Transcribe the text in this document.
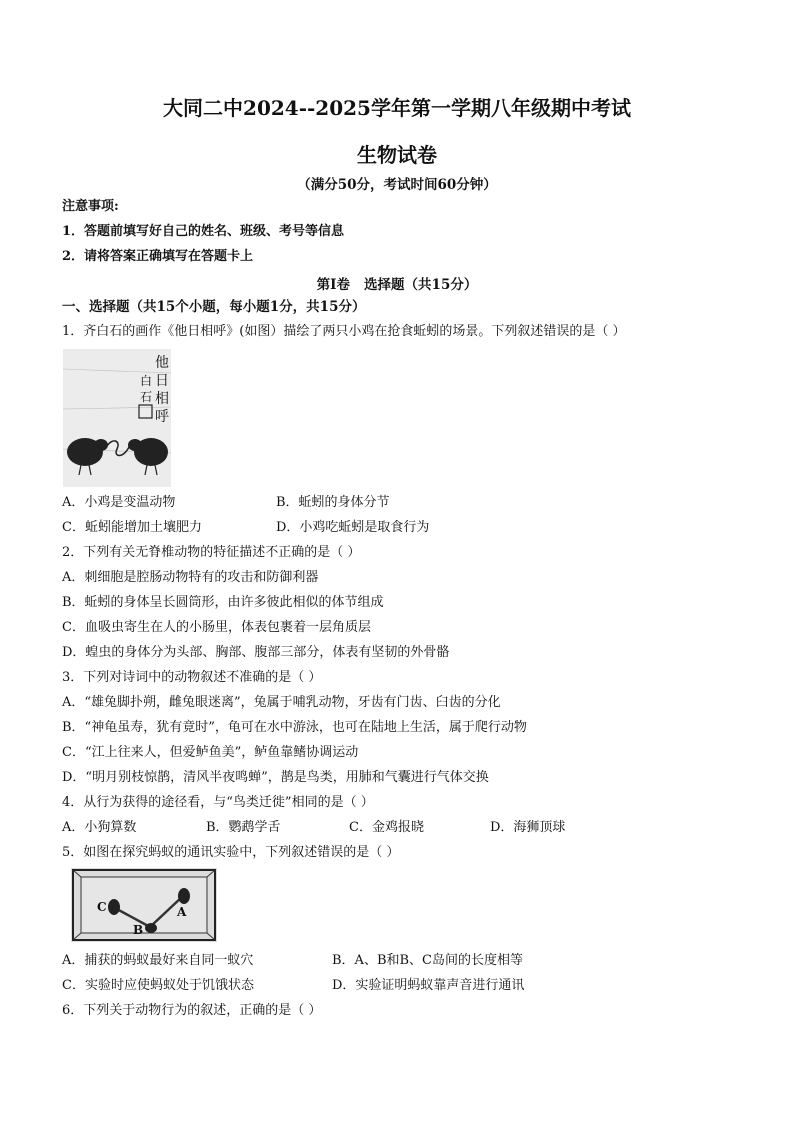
大同二中2024--2025学年第一学期八年级期中考试
生物试卷
（满分50分，考试时间60分钟）
注意事项:
1．答题前填写好自己的姓名、班级、考号等信息
2．请将答案正确填写在答题卡上
第I卷   选择题（共15分）
一、选择题（共15个小题，每小题1分，共15分）
1．齐白石的画作《他日相呼》(如图）描绘了两只小鸡在抢食蚯蚓的场景。下列叙述错误的是（ ）
他
日
相
呼
白
石
A．小鸡是变温动物	B．蚯蚓的身体分节
C．蚯蚓能增加土壤肥力	D．小鸡吃蚯蚓是取食行为
2．下列有关无脊椎动物的特征描述不正确的是（ ）
A．刺细胞是腔肠动物特有的攻击和防御利器
B．蚯蚓的身体呈长圆筒形，由许多彼此相似的体节组成
C．血吸虫寄生在人的小肠里，体表包裹着一层角质层
D．蝗虫的身体分为头部、胸部、腹部三部分，体表有坚韧的外骨骼
3．下列对诗词中的动物叙述不准确的是（ ）
A．“雄兔脚扑朔，雌兔眼迷离”，兔属于哺乳动物，牙齿有门齿、臼齿的分化
B．“神龟虽寿，犹有竟时”，龟可在水中游泳，也可在陆地上生活，属于爬行动物
C．“江上往来人，但爱鲈鱼美”，鲈鱼靠鳍协调运动
D．“明月别枝惊鹊，清风半夜鸣蝉”，鹊是鸟类，用肺和气囊进行气体交换
4．从行为获得的途径看，与“鸟类迁徙”相同的是（ ）
A．小狗算数	B．鹦鹉学舌	C．金鸡报晓	D．海狮顶球
5．如图在探究蚂蚁的通讯实验中，下列叙述错误的是（ ）
C
B
A
A．捕获的蚂蚁最好来自同一蚁穴	B．A、B和B、C岛间的长度相等
C．实验时应使蚂蚁处于饥饿状态	D．实验证明蚂蚁靠声音进行通讯
6．下列关于动物行为的叙述，正确的是（ ）
